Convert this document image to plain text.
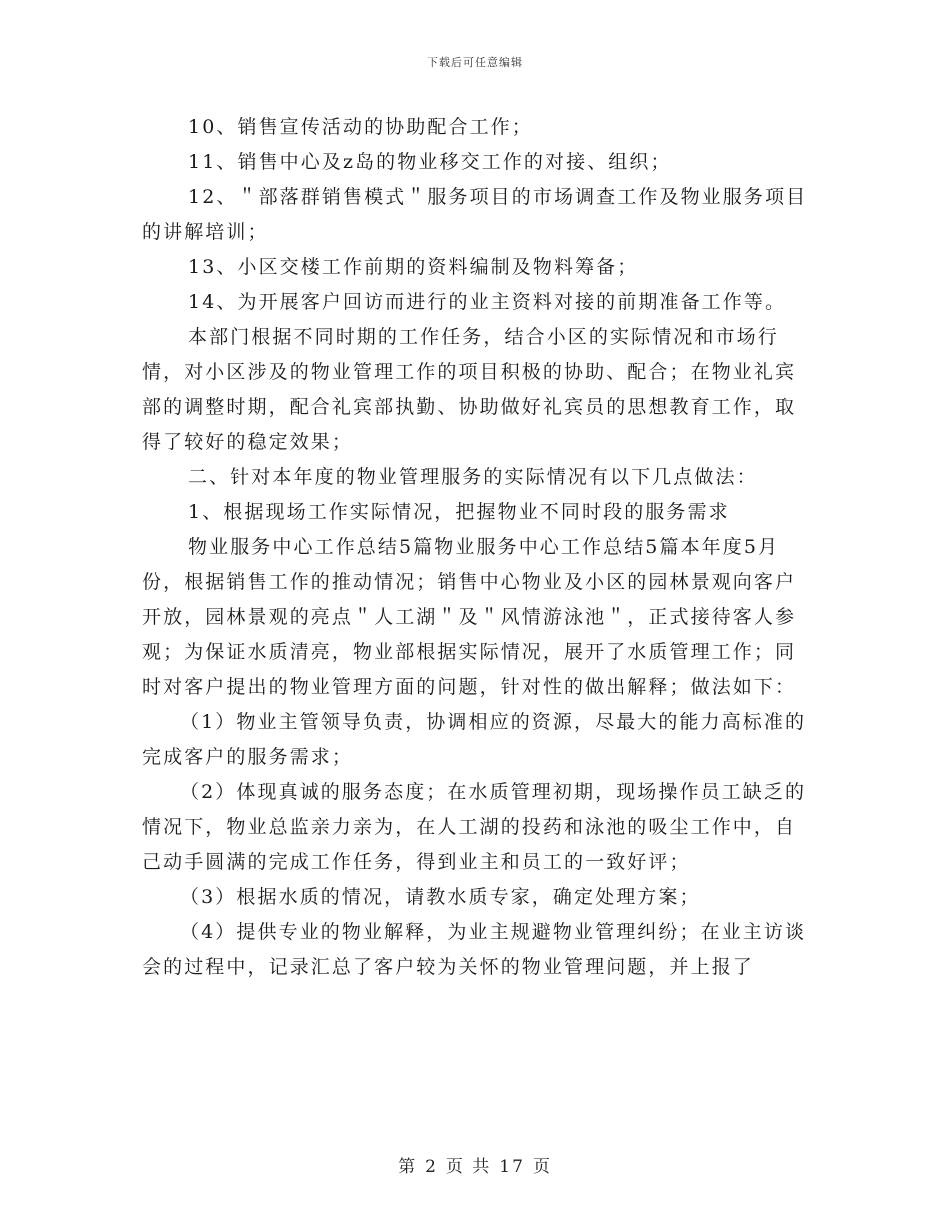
下载后可任意编辑

10、销售宣传活动的协助配合工作；

11、销售中心及z岛的物业移交工作的对接、组织；

12、＂部落群销售模式＂服务项目的市场调查工作及物业服务项目的讲解培训；

13、小区交楼工作前期的资料编制及物料筹备；

14、为开展客户回访而进行的业主资料对接的前期准备工作等。

本部门根据不同时期的工作任务，结合小区的实际情况和市场行情，对小区涉及的物业管理工作的项目积极的协助、配合；在物业礼宾部的调整时期，配合礼宾部执勤、协助做好礼宾员的思想教育工作，取得了较好的稳定效果；

二、针对本年度的物业管理服务的实际情况有以下几点做法：

1、根据现场工作实际情况，把握物业不同时段的服务需求

物业服务中心工作总结5篇物业服务中心工作总结5篇本年度5月份，根据销售工作的推动情况；销售中心物业及小区的园林景观向客户开放，园林景观的亮点＂人工湖＂及＂风情游泳池＂，正式接待客人参观；为保证水质清亮，物业部根据实际情况，展开了水质管理工作；同时对客户提出的物业管理方面的问题，针对性的做出解释；做法如下：

（1）物业主管领导负责，协调相应的资源，尽最大的能力高标准的完成客户的服务需求；

（2）体现真诚的服务态度；在水质管理初期，现场操作员工缺乏的情况下，物业总监亲力亲为，在人工湖的投药和泳池的吸尘工作中，自己动手圆满的完成工作任务，得到业主和员工的一致好评；

（3）根据水质的情况，请教水质专家，确定处理方案；

（4）提供专业的物业解释，为业主规避物业管理纠纷；在业主访谈会的过程中，记录汇总了客户较为关怀的物业管理问题，并上报了

第 2 页 共 17 页
